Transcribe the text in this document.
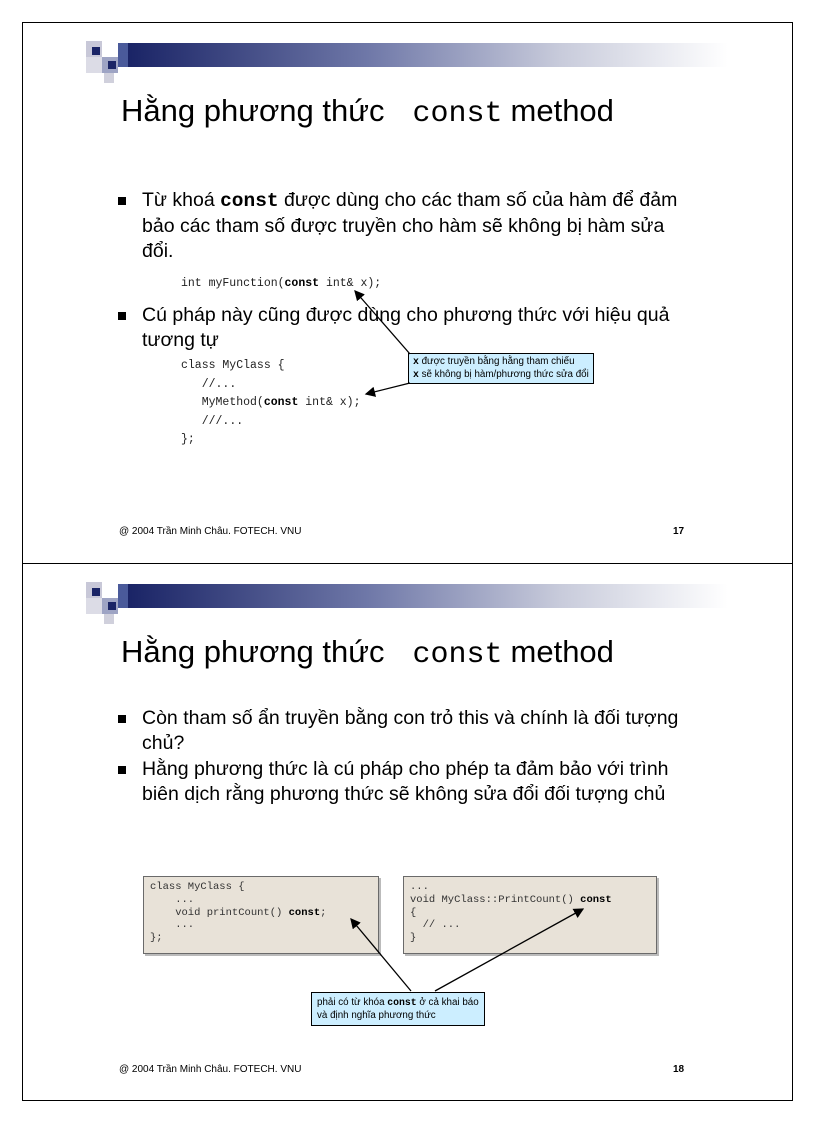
Hằng phương thức const method
Từ khoá const được dùng cho các tham số của hàm để đảm bảo các tham số được truyền cho hàm sẽ không bị hàm sửa đổi.
int myFunction(const int& x);
Cú pháp này cũng được dùng cho phương thức với hiệu quả tương tự
class MyClass {
//...
MyMethod(const int& x);
///...
};
x được truyền bằng hằng tham chiếu
x sẽ không bị hàm/phương thức sửa đổi
@ 2004 Trần Minh Châu. FOTECH. VNU	17
Hằng phương thức const method
Còn tham số ẩn truyền bằng con trỏ this và chính là đối tượng chủ?
Hằng phương thức là cú pháp cho phép ta đảm bảo với trình biên dịch rằng phương thức sẽ không sửa đổi đối tượng chủ
class MyClass {
...
void printCount() const;
...
};
...
void MyClass::PrintCount() const
{
// ...
}
phải có từ khóa const ở cả khai báo
và định nghĩa phương thức
@ 2004 Trần Minh Châu. FOTECH. VNU	18
